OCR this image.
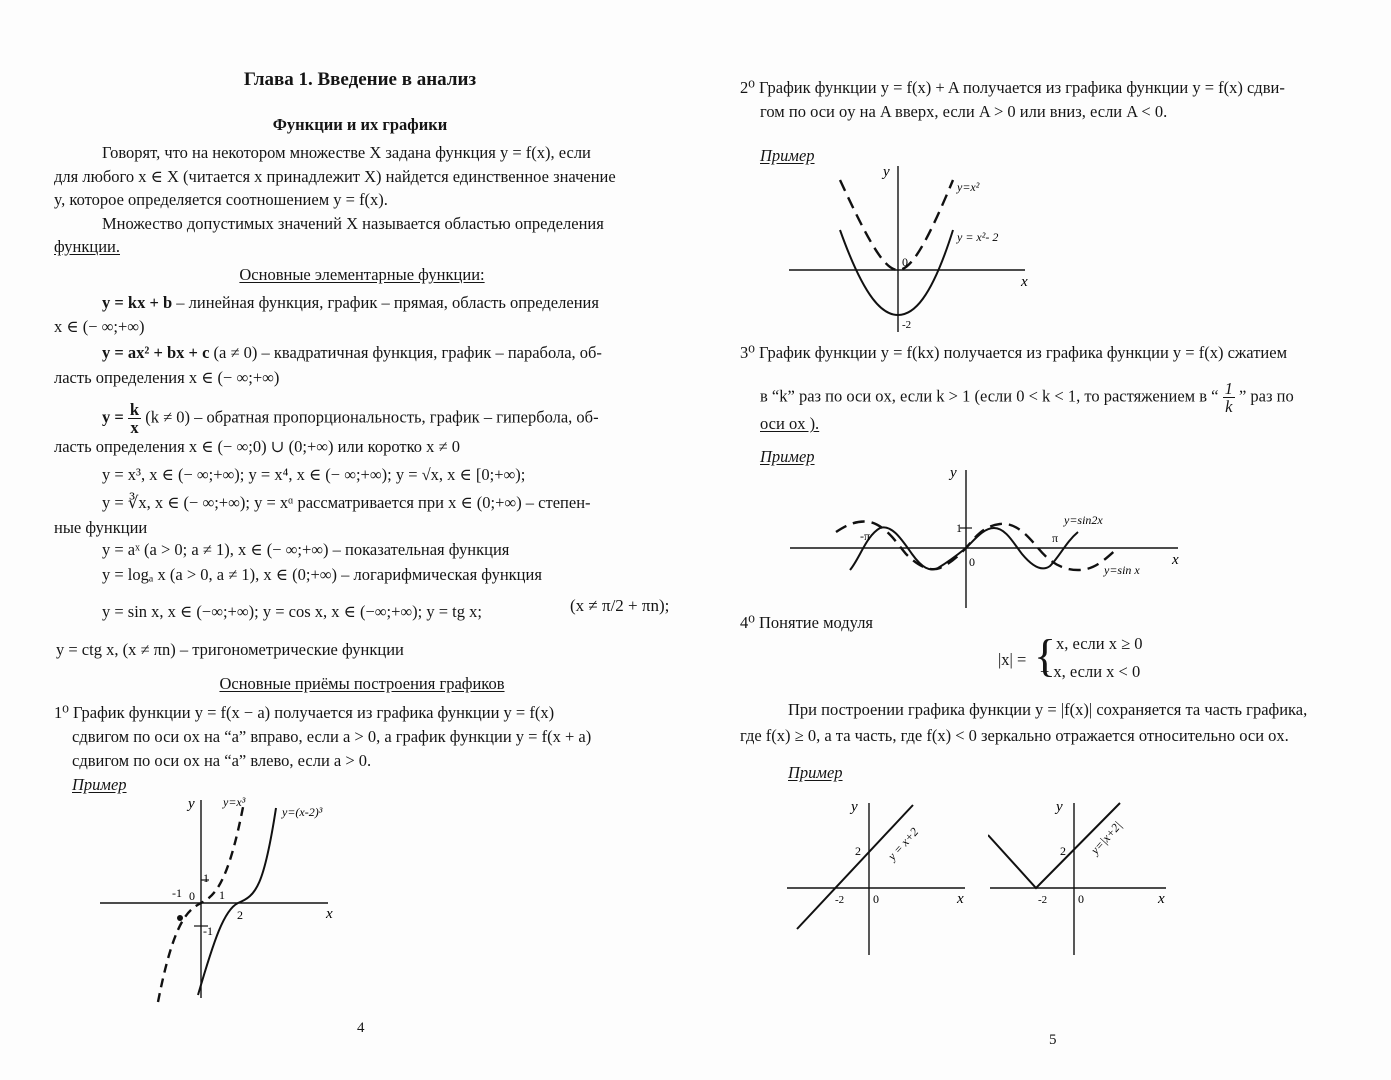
Глава 1. Введение в анализ
Функции и их графики
Говорят, что на некотором множестве X задана функция y = f(x), если
для любого x ∈ X (читается x принадлежит X) найдется единственное значение
y, которое определяется соотношением y = f(x).
Множество допустимых значений X называется областью определения
функции.
Основные элементарные функции:
y = kx + b – линейная функция, график – прямая, область определения
x ∈ (− ∞;+∞)
y = ax² + bx + c (a ≠ 0) – квадратичная функция, график – парабола, об-
ласть определения x ∈ (− ∞;+∞)
$y = \frac{k}{x} (k \ne 0)$ – обратная пропорциональность, график – гипербола, об-
ласть определения x ∈ (− ∞;0) ∪ (0;+∞) или коротко x ≠ 0
y = x³, x ∈ (− ∞;+∞); y = x⁴, x ∈ (− ∞;+∞); y = √x, x ∈ [0;+∞);
y = ∛x, x ∈ (− ∞;+∞); y = xᵅ рассматривается при x ∈ (0;+∞) – степен-
ные функции
y = aˣ (a > 0; a ≠ 1), x ∈ (− ∞;+∞) – показательная функция
y = logₐ x (a > 0, a ≠ 1), x ∈ (0;+∞) – логарифмическая функция
y = sin x, x ∈ (−∞;+∞); y = cos x, x ∈ (−∞;+∞); y = tg x;	(x ≠ π/2 + πn);
y = ctg x, (x ≠ πn) – тригонометрические функции
Основные приёмы построения графиков
1⁰ График функции y = f(x − a) получается из графика функции y = f(x)
сдвигом по оси ox на “a” вправо, если a > 0, а график функции y = f(x + a)
сдвигом по оси ox на “a” влево, если a > 0.
Пример
y
x
y=x³
y=(x-2)³
-1 0 1
2
1
-1
4
2⁰ График функции y = f(x) + A получается из графика функции y = f(x) сдви-
гом по оси oy на A вверх, если A > 0 или вниз, если A < 0.
Пример
y
x
y=x²
y = x²- 2
0
-2
3⁰ График функции y = f(kx) получается из графика функции y = f(x) сжатием
в “k” раз по оси ox, если k > 1 (если 0 < k < 1, то растяжением в “ $\frac{1}{k}$ ” раз по
оси ox ).
Пример
y
x
y=sin2x
y=sin x
1
0
π
-π
4⁰ Понятие модуля
|x| = { x, если x ≥ 0
− x, если x < 0
При построении графика функции y = |f(x)| сохраняется та часть графика,
где f(x) ≥ 0, а та часть, где f(x) < 0 зеркально отражается относительно оси ox.
Пример
y
x
y = x+2
2
-2 0
y
x
y=|x+2|
2
-2	0
5
